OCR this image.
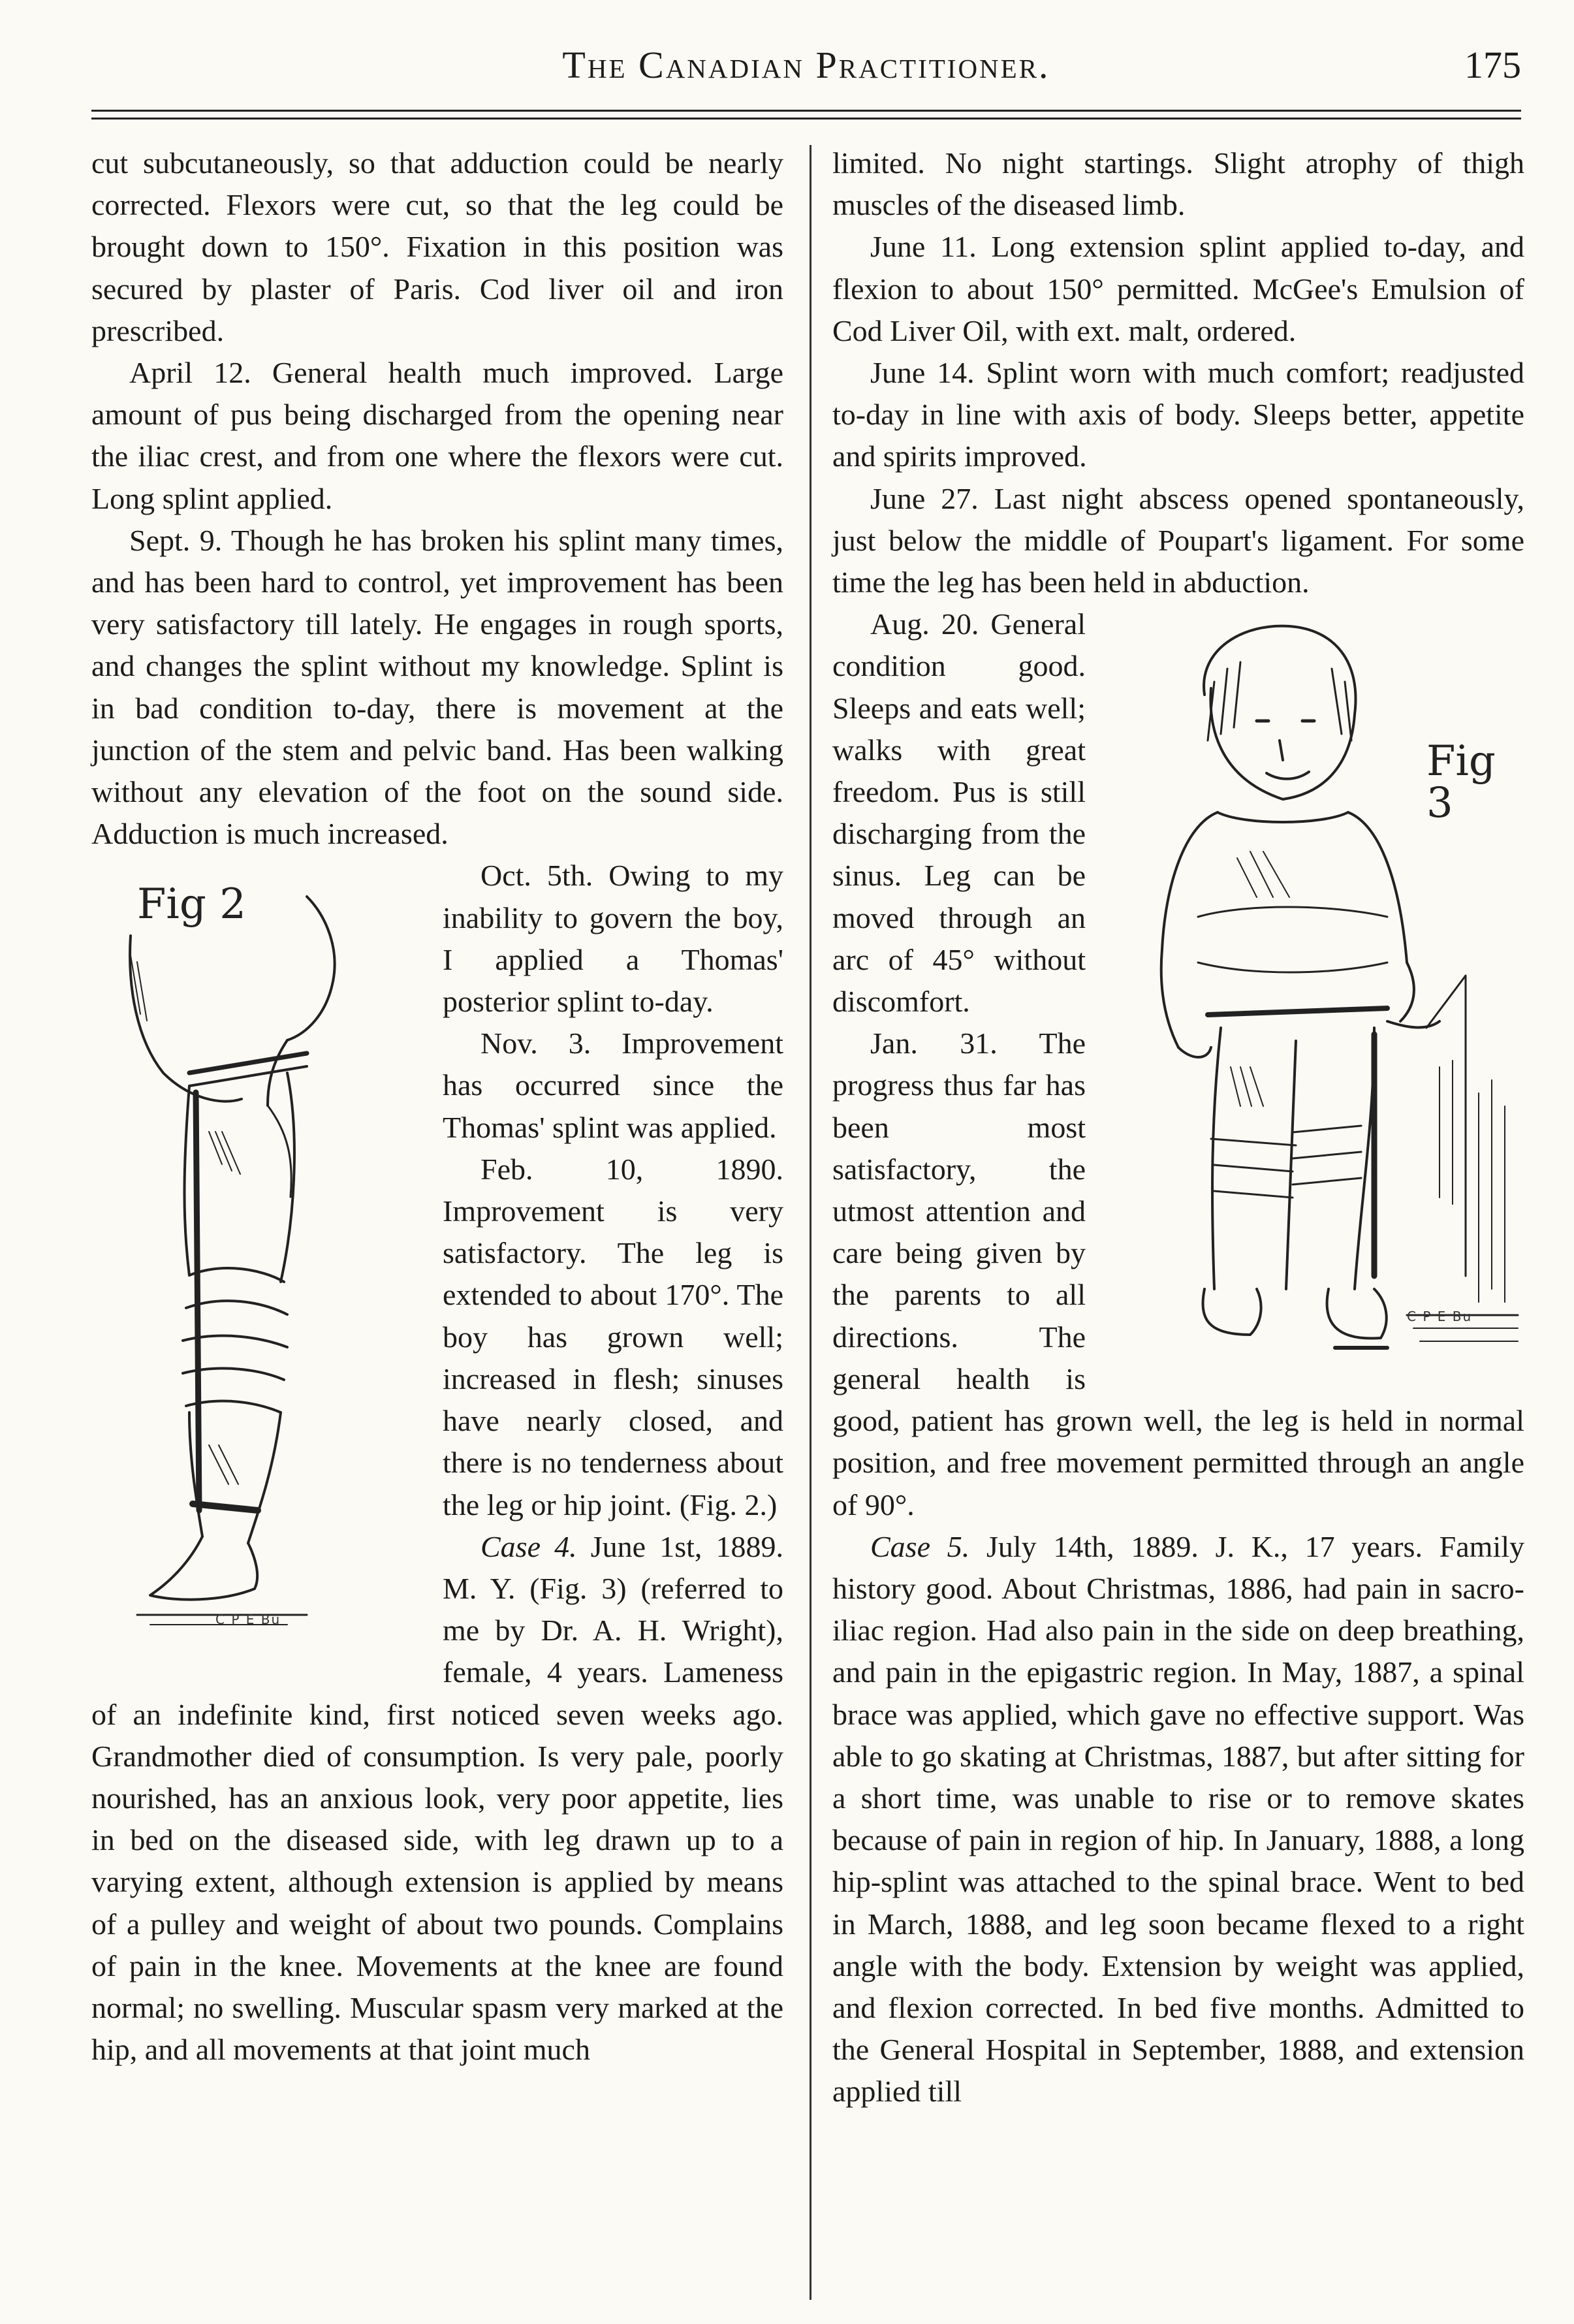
The Canadian Practitioner.	175

cut subcutaneously, so that adduction could be nearly corrected. Flexors were cut, so that the leg could be brought down to 150°. Fixation in this position was secured by plaster of Paris. Cod liver oil and iron prescribed.

April 12. General health much improved. Large amount of pus being discharged from the opening near the iliac crest, and from one where the flexors were cut. Long splint applied.

Sept. 9. Though he has broken his splint many times, and has been hard to control, yet improvement has been very satisfactory till lately. He engages in rough sports, and changes the splint without my knowledge. Splint is in bad condition to-day, there is movement at the junction of the stem and pelvic band. Has been walking without any elevation of the foot on the sound side. Adduction is much increased.

Fig 2
C P E Bu

Oct. 5th. Owing to my inability to govern the boy, I applied a Thomas' posterior splint to-day.

Nov. 3. Improvement has occurred since the Thomas' splint was applied.

Feb. 10, 1890. Improvement is very satisfactory. The leg is extended to about 170°. The boy has grown well; increased in flesh; sinuses have nearly closed, and there is no tenderness about the leg or hip joint. (Fig. 2.)

Case 4. June 1st, 1889. M. Y. (Fig. 3) (referred to me by Dr. A. H. Wright), female, 4 years. Lameness of an indefinite kind, first noticed seven weeks ago. Grandmother died of consumption. Is very pale, poorly nourished, has an anxious look, very poor appetite, lies in bed on the diseased side, with leg drawn up to a varying extent, although extension is applied by means of a pulley and weight of about two pounds. Complains of pain in the knee. Movements at the knee are found normal; no swelling. Muscular spasm very marked at the hip, and all movements at that joint much

limited. No night startings. Slight atrophy of thigh muscles of the diseased limb.

June 11. Long extension splint applied to-day, and flexion to about 150° permitted. McGee's Emulsion of Cod Liver Oil, with ext. malt, ordered.

June 14. Splint worn with much comfort; readjusted to-day in line with axis of body. Sleeps better, appetite and spirits improved.

June 27. Last night abscess opened spontaneously, just below the middle of Poupart's ligament. For some time the leg has been held in abduction.

Fig 3
C P E Bu

Aug. 20. General condition good. Sleeps and eats well; walks with great freedom. Pus is still discharging from the sinus. Leg can be moved through an arc of 45° without discomfort.

Jan. 31. The progress thus far has been most satisfactory, the utmost attention and care being given by the parents to all directions. The general health is good, patient has grown well, the leg is held in normal position, and free movement permitted through an angle of 90°.

Case 5. July 14th, 1889. J. K., 17 years. Family history good. About Christmas, 1886, had pain in sacro-iliac region. Had also pain in the side on deep breathing, and pain in the epigastric region. In May, 1887, a spinal brace was applied, which gave no effective support. Was able to go skating at Christmas, 1887, but after sitting for a short time, was unable to rise or to remove skates because of pain in region of hip. In January, 1888, a long hip-splint was attached to the spinal brace. Went to bed in March, 1888, and leg soon became flexed to a right angle with the body. Extension by weight was applied, and flexion corrected. In bed five months. Admitted to the General Hospital in September, 1888, and extension applied till
